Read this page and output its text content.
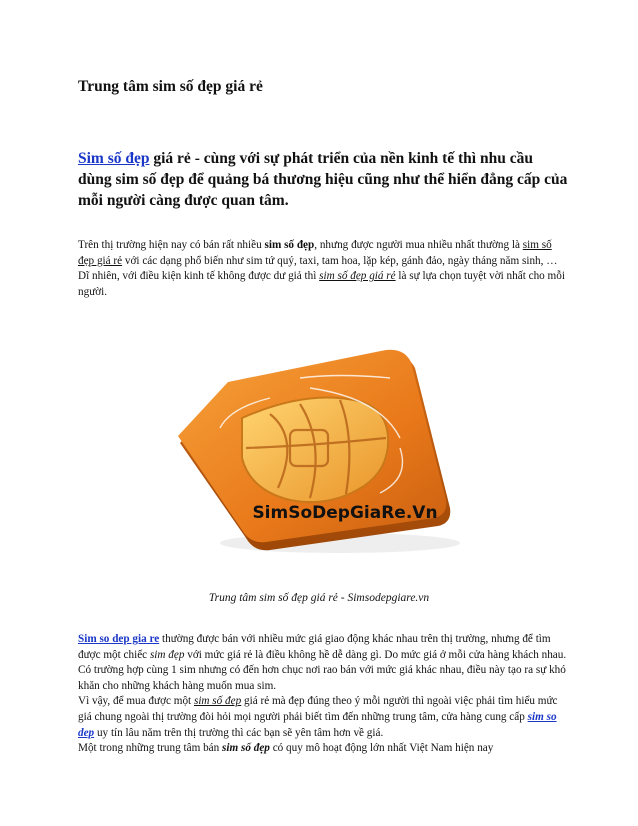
Trung tâm sim số đẹp giá rẻ

Sim số đẹp giá rẻ - cùng với sự phát triển của nền kinh tế thì nhu cầu dùng sim số đẹp để quảng bá thương hiệu cũng như thể hiển đẳng cấp của mỗi người càng được quan tâm.

Trên thị trường hiện nay có bán rất nhiều sim số đẹp, nhưng được người mua nhiều nhất thường là sim số đẹp giá rẻ với các dạng phổ biến như sim tứ quý, taxi, tam hoa, lặp kép, gánh đảo, ngày tháng năm sinh, … Dĩ nhiên, với điều kiện kinh tế không được dư giả thì sim số đẹp giá rẻ là sự lựa chọn tuyệt vời nhất cho mỗi người.

SimSoDepGiaRe.Vn
Trung tâm sim số đẹp giá rẻ - Simsodepgiare.vn

Sim so dep gia re thường được bán với nhiều mức giá giao động khác nhau trên thị trường, nhưng để tìm được một chiếc sim đẹp với mức giá rẻ là điều không hề dễ dàng gì. Do mức giá ở mỗi cửa hàng khách nhau. Có trường hợp cùng 1 sim nhưng có đến hơn chục nơi rao bán với mức giá khác nhau, điều này tạo ra sự khó khăn cho những khách hàng muốn mua sim.
Vì vậy, để mua được một sim số đẹp giá rẻ mà đẹp đúng theo ý mỗi người thì ngoài việc phải tìm hiểu mức giá chung ngoài thị trường đòi hỏi mọi người phải biết tìm đến những trung tâm, cửa hàng cung cấp sim so dep uy tín lâu năm trên thị trường thì các bạn sẽ yên tâm hơn về giá.
Một trong những trung tâm bán sim số đẹp có quy mô hoạt động lớn nhất Việt Nam hiện nay
